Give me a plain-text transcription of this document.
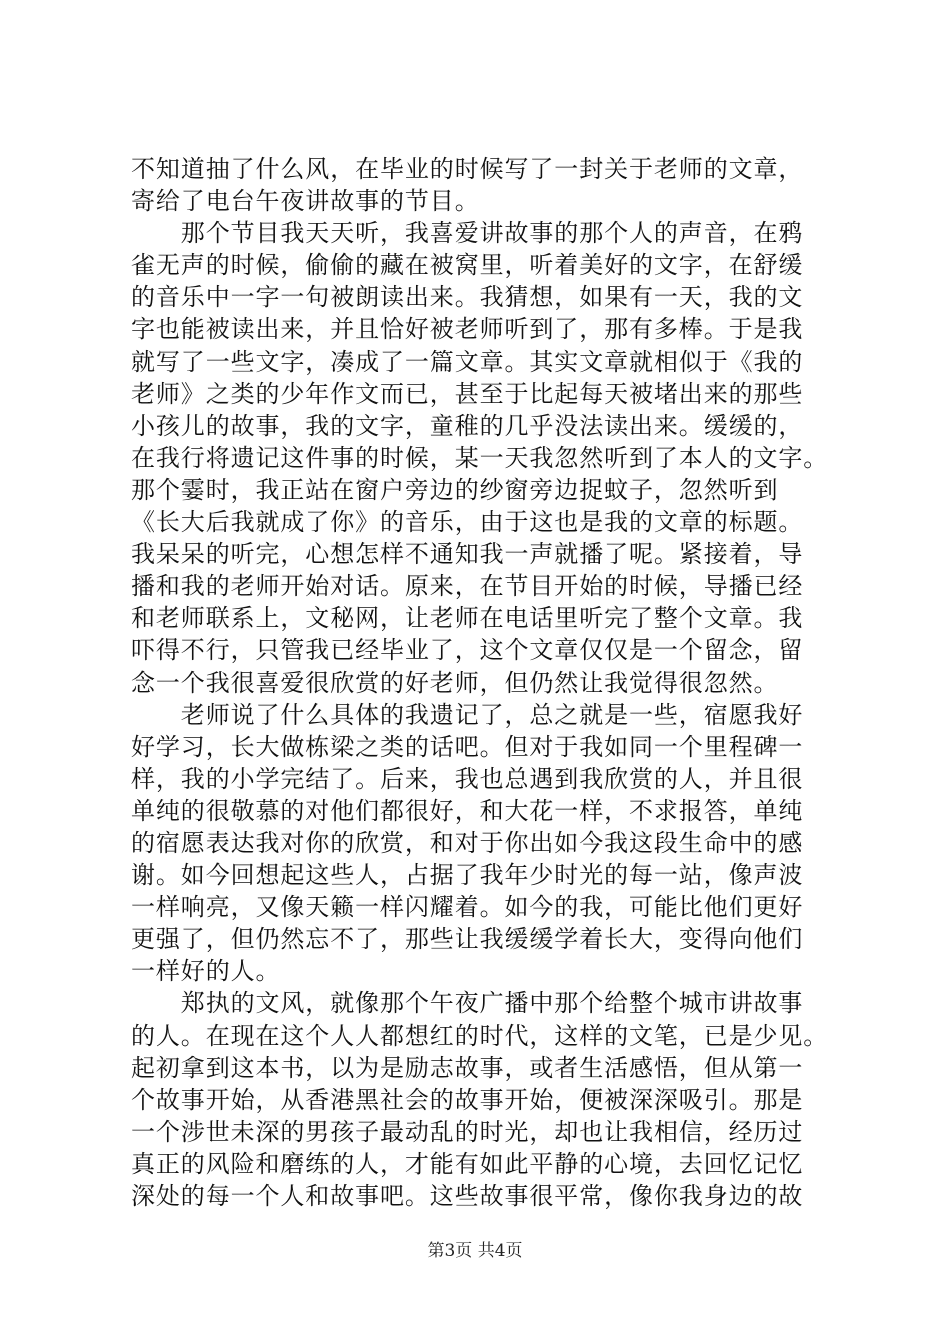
不知道抽了什么风，在毕业的时候写了一封关于老师的文章，
寄给了电台午夜讲故事的节目。
　　那个节目我天天听，我喜爱讲故事的那个人的声音，在鸦
雀无声的时候，偷偷的藏在被窝里，听着美好的文字，在舒缓
的音乐中一字一句被朗读出来。我猜想，如果有一天，我的文
字也能被读出来，并且恰好被老师听到了，那有多棒。于是我
就写了一些文字，凑成了一篇文章。其实文章就相似于《我的
老师》之类的少年作文而已，甚至于比起每天被堵出来的那些
小孩儿的故事，我的文字，童稚的几乎没法读出来。缓缓的，
在我行将遗记这件事的时候，某一天我忽然听到了本人的文字。
那个霎时，我正站在窗户旁边的纱窗旁边捉蚊子，忽然听到
《长大后我就成了你》的音乐，由于这也是我的文章的标题。
我呆呆的听完，心想怎样不通知我一声就播了呢。紧接着，导
播和我的老师开始对话。原来，在节目开始的时候，导播已经
和老师联系上，文秘网，让老师在电话里听完了整个文章。我
吓得不行，只管我已经毕业了，这个文章仅仅是一个留念，留
念一个我很喜爱很欣赏的好老师，但仍然让我觉得很忽然。
　　老师说了什么具体的我遗记了，总之就是一些，宿愿我好
好学习，长大做栋梁之类的话吧。但对于我如同一个里程碑一
样，我的小学完结了。后来，我也总遇到我欣赏的人，并且很
单纯的很敬慕的对他们都很好，和大花一样，不求报答，单纯
的宿愿表达我对你的欣赏，和对于你出如今我这段生命中的感
谢。如今回想起这些人，占据了我年少时光的每一站，像声波
一样响亮，又像天籁一样闪耀着。如今的我，可能比他们更好
更强了，但仍然忘不了，那些让我缓缓学着长大，变得向他们
一样好的人。
　　郑执的文风，就像那个午夜广播中那个给整个城市讲故事
的人。在现在这个人人都想红的时代，这样的文笔，已是少见。
起初拿到这本书，以为是励志故事，或者生活感悟，但从第一
个故事开始，从香港黑社会的故事开始，便被深深吸引。那是
一个涉世未深的男孩子最动乱的时光，却也让我相信，经历过
真正的风险和磨练的人，才能有如此平静的心境，去回忆记忆
深处的每一个人和故事吧。这些故事很平常，像你我身边的故
第3页 共4页
